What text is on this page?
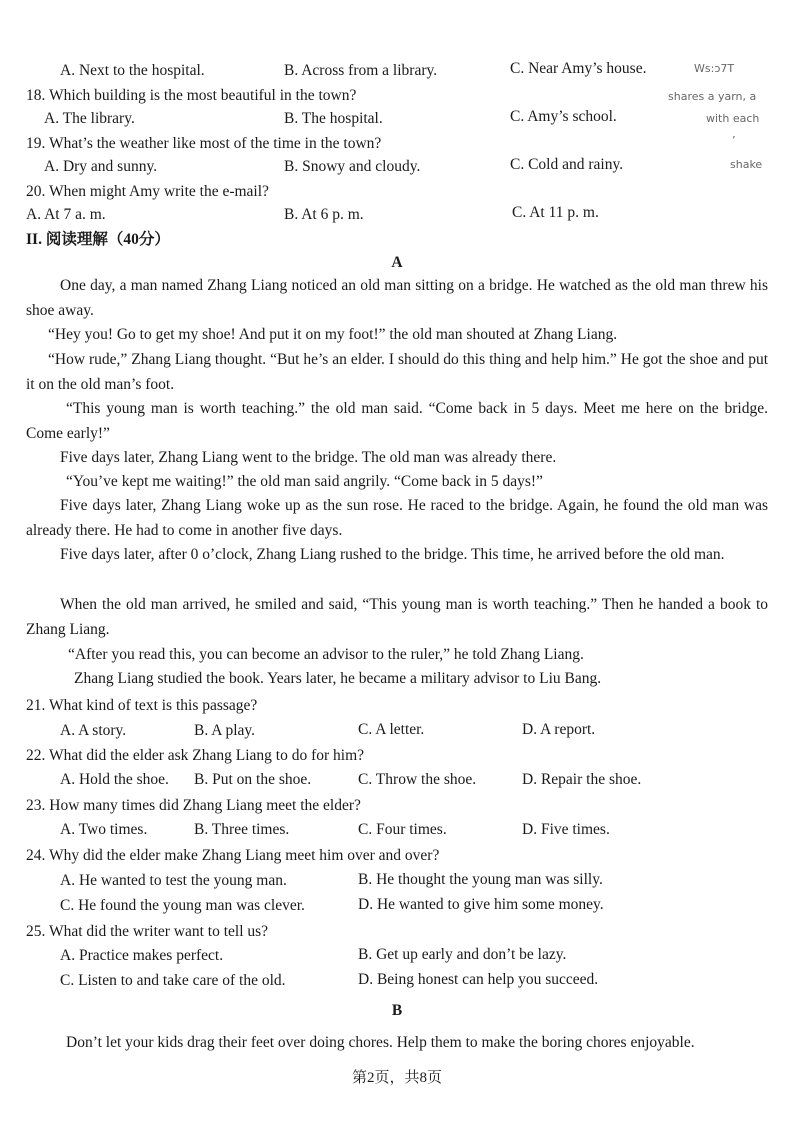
Ws:ɔ7T
shares a yarn, a
with each
ʼ
shake
A. Next to the hospital.	B. Across from a library.	C. Near Amy’s house.
18. Which building is the most beautiful in the town?
A. The library.	B. The hospital.	C. Amy’s school.
19. What’s the weather like most of the time in the town?
A. Dry and sunny.	B. Snowy and cloudy.	C. Cold and rainy.
20. When might Amy write the e-mail?
A. At 7 a. m.	B. At 6 p. m.	C. At 11 p. m.
II. 阅读理解（40分）
A
One day, a man named Zhang Liang noticed an old man sitting on a bridge. He watched as the old man threw his shoe away.
“Hey you! Go to get my shoe! And put it on my foot!” the old man shouted at Zhang Liang.
“How rude,” Zhang Liang thought. “But he’s an elder. I should do this thing and help him.” He got the shoe and put it on the old man’s foot.
“This young man is worth teaching.” the old man said. “Come back in 5 days. Meet me here on the bridge. Come early!”
Five days later, Zhang Liang went to the bridge. The old man was already there.
“You’ve kept me waiting!” the old man said angrily. “Come back in 5 days!”
Five days later, Zhang Liang woke up as the sun rose. He raced to the bridge. Again, he found the old man was already there. He had to come in another five days.
Five days later, after 0 o’clock, Zhang Liang rushed to the bridge. This time, he arrived before the old man.
When the old man arrived, he smiled and said, “This young man is worth teaching.” Then he handed a book to Zhang Liang.
“After you read this, you can become an advisor to the ruler,” he told Zhang Liang.
Zhang Liang studied the book. Years later, he became a military advisor to Liu Bang.
21. What kind of text is this passage?
A. A story.	B. A play.	C. A letter.	D. A report.
22. What did the elder ask Zhang Liang to do for him?
A. Hold the shoe. B. Put on the shoe.	C. Throw the shoe.	D. Repair the shoe.
23. How many times did Zhang Liang meet the elder?
A. Two times.	B. Three times.	C. Four times.	D. Five times.
24. Why did the elder make Zhang Liang meet him over and over?
A. He wanted to test the young man.	B. He thought the young man was silly.
C. He found the young man was clever.	D. He wanted to give him some money.
25. What did the writer want to tell us?
A. Practice makes perfect.	B. Get up early and don’t be lazy.
C. Listen to and take care of the old.	D. Being honest can help you succeed.
B
Don’t let your kids drag their feet over doing chores. Help them to make the boring chores enjoyable.
第2页，共8页
